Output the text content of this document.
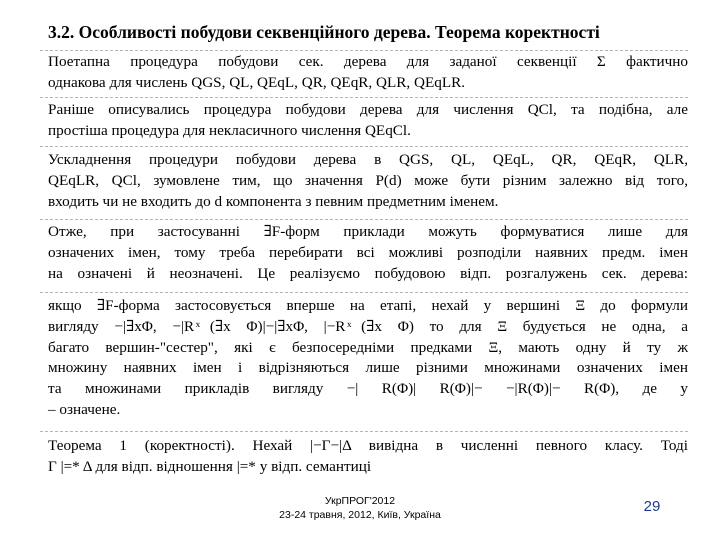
3.2. Особливості побудови секвенційного дерева. Теорема коректності
Поетапна процедура побудови сек. дерева для заданої секвенції Σ фактично
однакова для числень QGS, QL, QEqL, QR, QEqR, QLR, QEqLR.
Раніше описувались процедура побудови дерева для числення QCl, та подібна, але
простіша процедура для некласичного числення QEqCl.
Ускладнення процедури побудови дерева в QGS, QL, QEqL, QR, QEqR, QLR,
QEqLR, QCl, зумовлене тим, що значення P(d) може бути різним залежно від того,
входить чи не входить до d компонента з певним предметним іменем.
Отже, при застосуванні ∃F-форм приклади можуть формуватися лише для
означених імен, тому треба перебирати всі можливі розподіли наявних предм. імен
на означені й неозначені. Це реалізуємо побудовою відп. розгалужень сек. дерева:
якщо ∃F-форма застосовується вперше на етапі, нехай у вершині Ξ до формули
вигляду −|∃xΦ, −|R ͯ(∃x Φ)|−|∃xΦ, |−R ͯ(∃x Φ) то для Ξ будується не одна, а
багато вершин-"сестер", які є безпосередніми предками Ξ, мають одну й ту ж
множину наявних імен і відрізняються лише різними множинами означених імен
та множинами прикладів вигляду −| R(Φ)| R(Φ)|− −|R(Φ)|− R(Φ), де y
– означене.
Теорема 1 (коректності). Нехай |−Γ−|Δ вивідна в численні певного класу. Тоді
Γ |=* Δ для відп. відношення |=* у відп. семантиці
УкрПРОГ'2012
23-24 травня, 2012, Київ, Україна	29
